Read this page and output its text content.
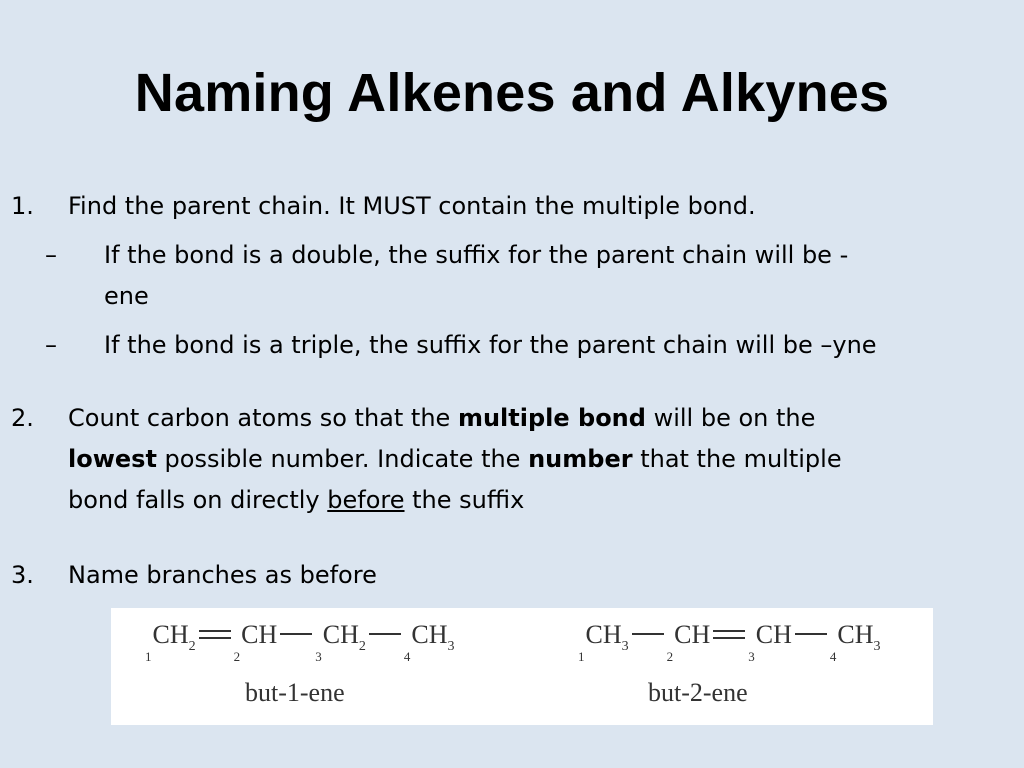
Naming Alkenes and Alkynes
1. Find the parent chain. It MUST contain the multiple bond.
– If the bond is a double, the suffix for the parent chain will be -
ene
– If the bond is a triple, the suffix for the parent chain will be –yne
2. Count carbon atoms so that the multiple bond will be on the
lowest possible number. Indicate the number that the multiple
bond falls on directly before the suffix
3. Name branches as before
$_1CH_2$
$_2$CH
$_3CH_2$
$_4CH_3$
but-1-ene
$_1CH_3$
$_2$CH
$_3$CH
$_4CH_3$
but-2-ene
